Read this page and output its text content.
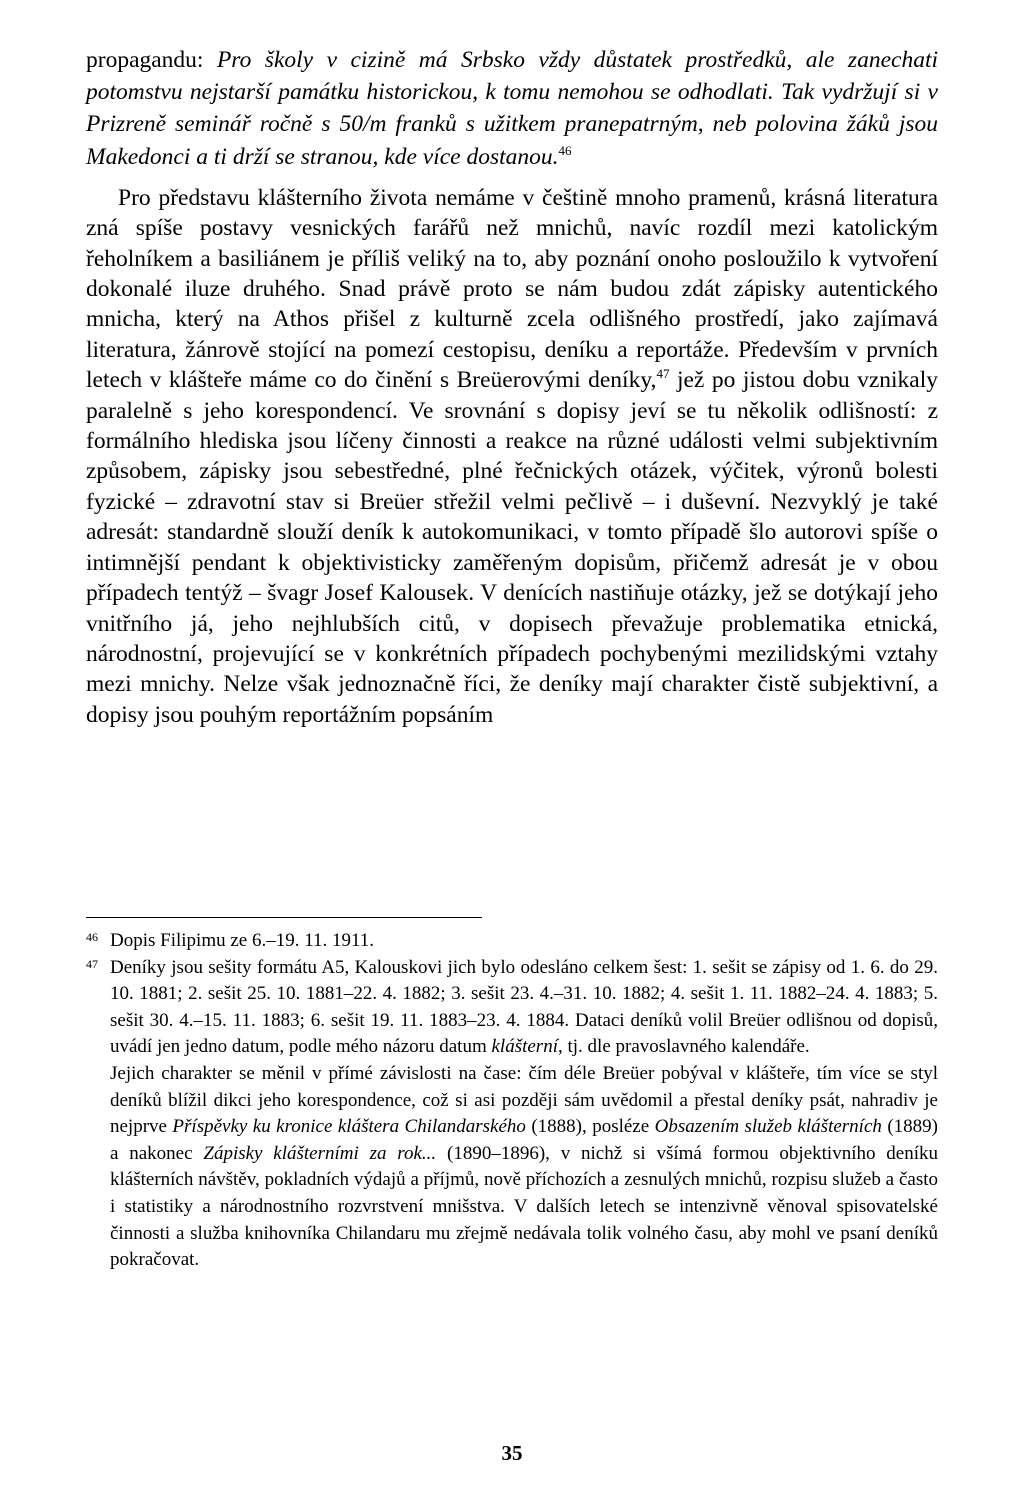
propagandu: Pro školy v cizině má Srbsko vždy důstatek prostředků, ale zanechati potomstvu nejstarší památku historickou, k tomu nemohou se odhodlati. Tak vydržují si v Prizreně seminář ročně s 50/m franků s užitkem pranepatrným, neb polovina žáků jsou Makedonci a ti drží se stranou, kde více dostanou.$^{46}$

Pro představu klášterního života nemáme v češtině mnoho pramenů, krásná literatura zná spíše postavy vesnických farářů než mnichů, navíc rozdíl mezi katolickým řeholníkem a basiliánem je příliš veliký na to, aby poznání onoho posloužilo k vytvoření dokonalé iluze druhého. Snad právě proto se nám budou zdát zápisky autentického mnicha, který na Athos přišel z kulturně zcela odlišného prostředí, jako zajímavá literatura, žánrově stojící na pomezí cestopisu, deníku a reportáže. Především v prvních letech v klášteře máme co do činění s Breüerovými deníky,$^{47}$ jež po jistou dobu vznikaly paralelně s jeho korespondencí. Ve srovnání s dopisy jeví se tu několik odlišností: z formálního hlediska jsou líčeny činnosti a reakce na různé události velmi subjektivním způsobem, zápisky jsou sebestředné, plné řečnických otázek, výčitek, výronů bolesti fyzické – zdravotní stav si Breüer střežil velmi pečlivě – i duševní. Nezvyklý je také adresát: standardně slouží deník k autokomunikaci, v tomto případě šlo autorovi spíše o intimnější pendant k objektivisticky zaměřeným dopisům, přičemž adresát je v obou případech tentýž – švagr Josef Kalousek. V denících nastiňuje otázky, jež se dotýkají jeho vnitřního já, jeho nejhlubších citů, v dopisech převažuje problematika etnická, národnostní, projevující se v konkrétních případech pochybenými mezilidskými vztahy mezi mnichy. Nelze však jednoznačně říci, že deníky mají charakter čistě subjektivní, a dopisy jsou pouhým reportážním popsáním

46 Dopis Filipimu ze 6.–19. 11. 1911.

47 Deníky jsou sešity formátu A5, Kalouskovi jich bylo odesláno celkem šest: 1. sešit se zápisy od 1. 6. do 29. 10. 1881; 2. sešit 25. 10. 1881–22. 4. 1882; 3. sešit 23. 4.–31. 10. 1882; 4. sešit 1. 11. 1882–24. 4. 1883; 5. sešit 30. 4.–15. 11. 1883; 6. sešit 19. 11. 1883–23. 4. 1884. Dataci deníků volil Breüer odlišnou od dopisů, uvádí jen jedno datum, podle mého názoru datum klášterní, tj. dle pravoslavného kalendáře.

Jejich charakter se měnil v přímé závislosti na čase: čím déle Breüer pobýval v klášteře, tím více se styl deníků blížil dikci jeho korespondence, což si asi později sám uvědomil a přestal deníky psát, nahradiv je nejprve Příspěvky ku kronice kláštera Chilandarského (1888), posléze Obsazením služeb klášterních (1889) a nakonec Zápisky klášterními za rok... (1890–1896), v nichž si všímá formou objektivního deníku klášterních návštěv, pokladních výdajů a příjmů, nově příchozích a zesnulých mnichů, rozpisu služeb a často i statistiky a národnostního rozvrstvení mnišstva. V dalších letech se intenzivně věnoval spisovatelské činnosti a služba knihovníka Chilandaru mu zřejmě nedávala tolik volného času, aby mohl ve psaní deníků pokračovat.

35
